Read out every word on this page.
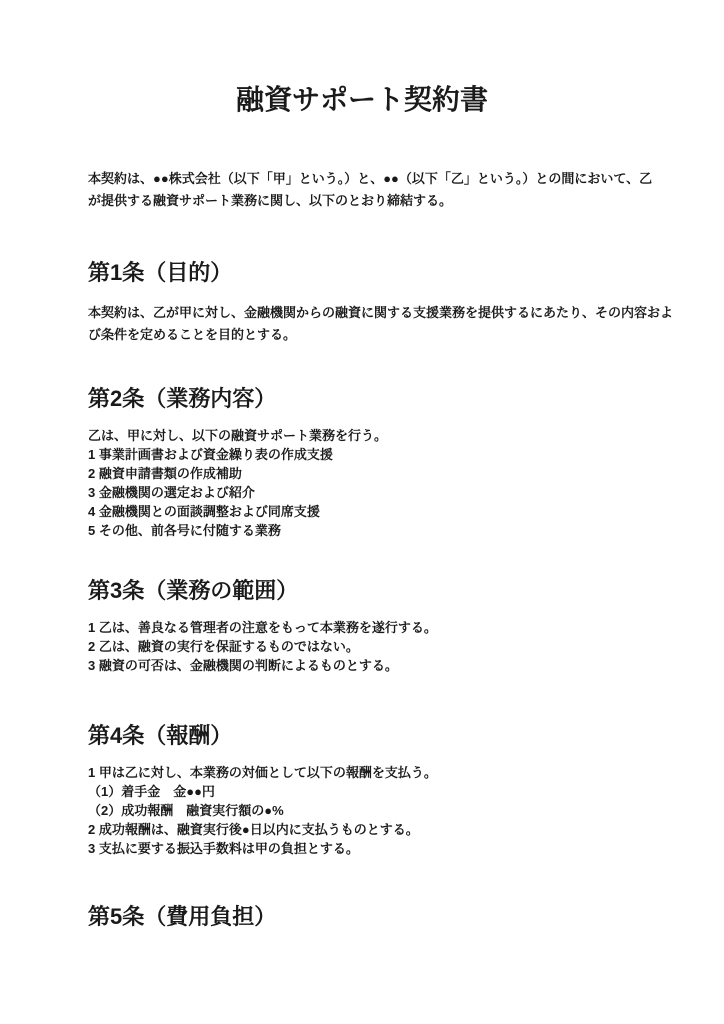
融資サポート契約書
本契約は、●●株式会社（以下「甲」という。）と、●●（以下「乙」という。）との間において、乙
が提供する融資サポート業務に関し、以下のとおり締結する。
第1条（目的）
本契約は、乙が甲に対し、金融機関からの融資に関する支援業務を提供するにあたり、その内容およ
び条件を定めることを目的とする。
第2条（業務内容）
乙は、甲に対し、以下の融資サポート業務を行う。
1 事業計画書および資金繰り表の作成支援
2 融資申請書類の作成補助
3 金融機関の選定および紹介
4 金融機関との面談調整および同席支援
5 その他、前各号に付随する業務
第3条（業務の範囲）
1 乙は、善良なる管理者の注意をもって本業務を遂行する。
2 乙は、融資の実行を保証するものではない。
3 融資の可否は、金融機関の判断によるものとする。
第4条（報酬）
1 甲は乙に対し、本業務の対価として以下の報酬を支払う。
（1）着手金　金●●円
（2）成功報酬　融資実行額の●%
2 成功報酬は、融資実行後●日以内に支払うものとする。
3 支払に要する振込手数料は甲の負担とする。
第5条（費用負担）
